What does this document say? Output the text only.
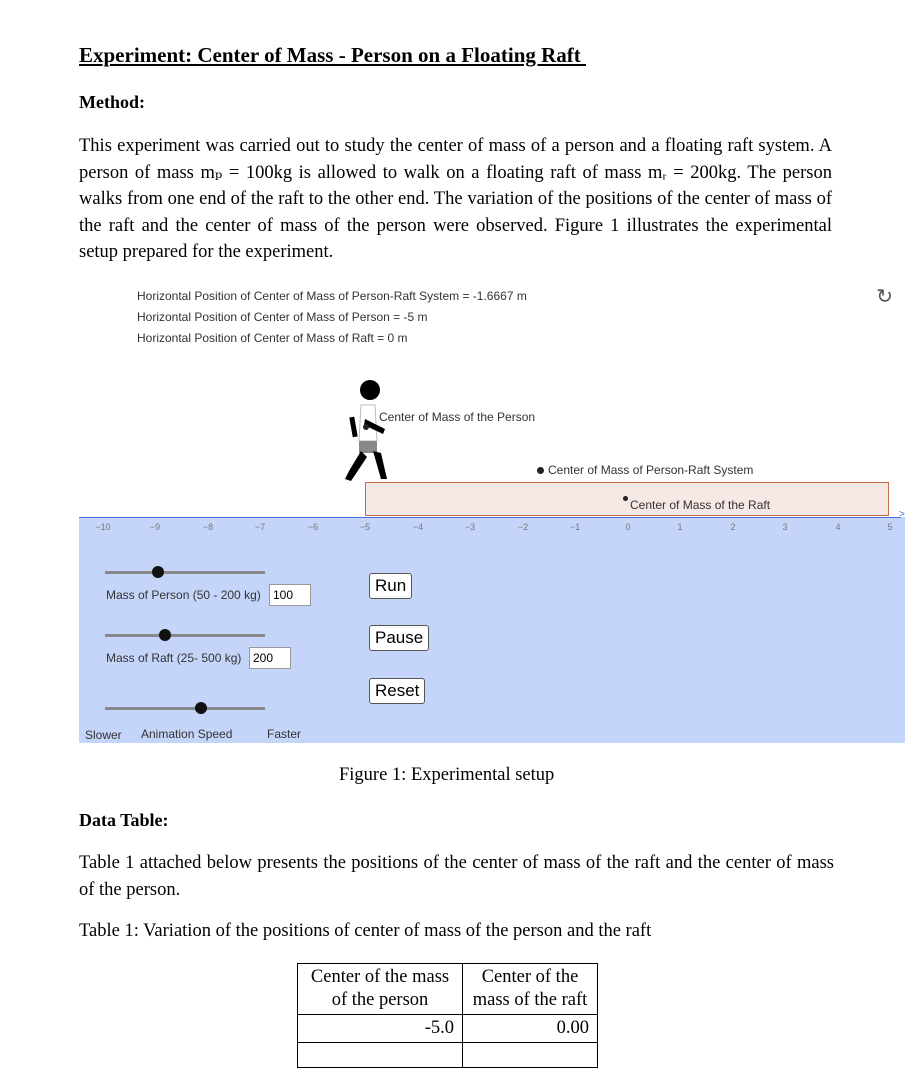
Experiment: Center of Mass - Person on a Floating Raft
Method:
This experiment was carried out to study the center of mass of a person and a floating raft system. A person of mass mₚ = 100kg is allowed to walk on a floating raft of mass mᵣ = 200kg. The person walks from one end of the raft to the other end. The variation of the positions of the center of mass of the raft and the center of mass of the person were observed. Figure 1 illustrates the experimental setup prepared for the experiment.
Horizontal Position of Center of Mass of Person-Raft System = -1.6667 m
Horizontal Position of Center of Mass of Person = -5 m
Horizontal Position of Center of Mass of Raft = 0 m
↻
Center of Mass of the Person
Center of Mass of Person-Raft System
Center of Mass of the Raft
>
−10	−9	−8	−7	−6	−5	−4	−3	−2	−1	0	1	2	3	4	5
Mass of Person (50 - 200 kg)	100
Mass of Raft (25- 500 kg) 200
Slower Animation Speed	Faster
Run
Pause
Reset
Figure 1: Experimental setup
Data Table:
Table 1 attached below presents the positions of the center of mass of the raft and the center of mass of the person.
Table 1: Variation of the positions of center of mass of the person and the raft
Center of the mass of the person	Center of the mass of the raft
-5.0	0.00
